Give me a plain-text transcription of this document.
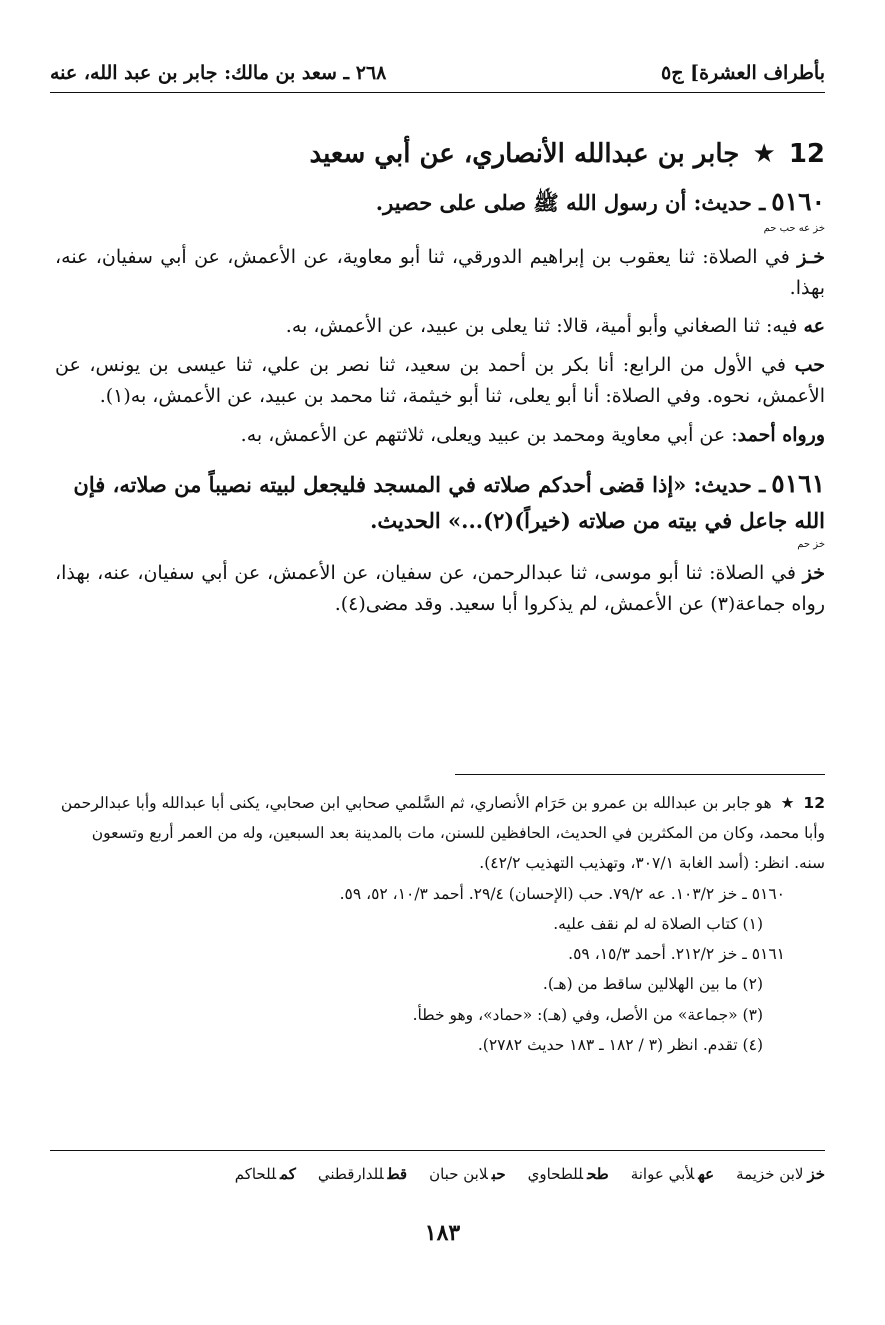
بأطراف العشرة] ج٥
٢٦٨ ـ سعد بن مالك: جابر بن عبد الله، عنه
12 ★ جابر بن عبدالله الأنصاري، عن أبي سعيد
٥١٦٠ـ حديث: أن رسول الله ﷺ صلى على حصير.
خز عه حب حم

خـز في الصلاة: ثنا يعقوب بن إبراهيم الدورقي، ثنا أبو معاوية، عن الأعمش، عن أبي سفيان، عنه، بهذا.

عه فيه: ثنا الصغاني وأبو أمية، قالا: ثنا يعلى بن عبيد، عن الأعمش، به.

حب في الأول من الرابع: أنا بكر بن أحمد بن سعيد، ثنا نصر بن علي، ثنا عيسى بن يونس، عن الأعمش، نحوه. وفي الصلاة: أنا أبو يعلى، ثنا أبو خيثمة، ثنا محمد بن عبيد، عن الأعمش، به(١).

ورواه أحمد: عن أبي معاوية ومحمد بن عبيد ويعلى، ثلاثتهم عن الأعمش، به.

٥١٦١ـ حديث: «إذا قضى أحدكم صلاته في المسجد فليجعل لبيته نصيباً من صلاته، فإن الله جاعل في بيته من صلاته (خيراً)(٢)...» الحديث.
خز حم

خز في الصلاة: ثنا أبو موسى، ثنا عبدالرحمن، عن سفيان، عن الأعمش، عن أبي سفيان، عنه، بهذا، رواه جماعة(٣) عن الأعمش، لم يذكروا أبا سعيد. وقد مضى(٤).

12 ★ هو جابر بن عبدالله بن عمرو بن حَرَام الأنصاري، ثم السَّلمي صحابي ابن صحابي، يكنى أبا عبدالله وأبا عبدالرحمن وأبا محمد، وكان من المكثرين في الحديث، الحافظين للسنن، مات بالمدينة بعد السبعين، وله من العمر أربع وتسعون سنه. انظر: (أسد الغابة ٣٠٧/١، وتهذيب التهذيب ٤٢/٢).

٥١٦٠ ـ خز ١٠٣/٢. عه ٧٩/٢. حب (الإحسان) ٢٩/٤. أحمد ١٠/٣، ٥٢، ٥٩.

(١) كتاب الصلاة له لم نقف عليه.

٥١٦١ ـ خز ٢١٢/٢. أحمد ١٥/٣، ٥٩.

(٢) ما بين الهلالين ساقط من (هـ).

(٣) «جماعة» من الأصل، وفي (هـ): «حماد»، وهو خطأ.

(٤) تقدم. انظر (٣ / ١٨٢ ـ ١٨٣ حديث ٢٧٨٢).

خزلابن خزيمة
عهلأبي عوانة
طحللطحاوي
حبلابن حبان
قطللدارقطني
كمللحاكم
١٨٣
